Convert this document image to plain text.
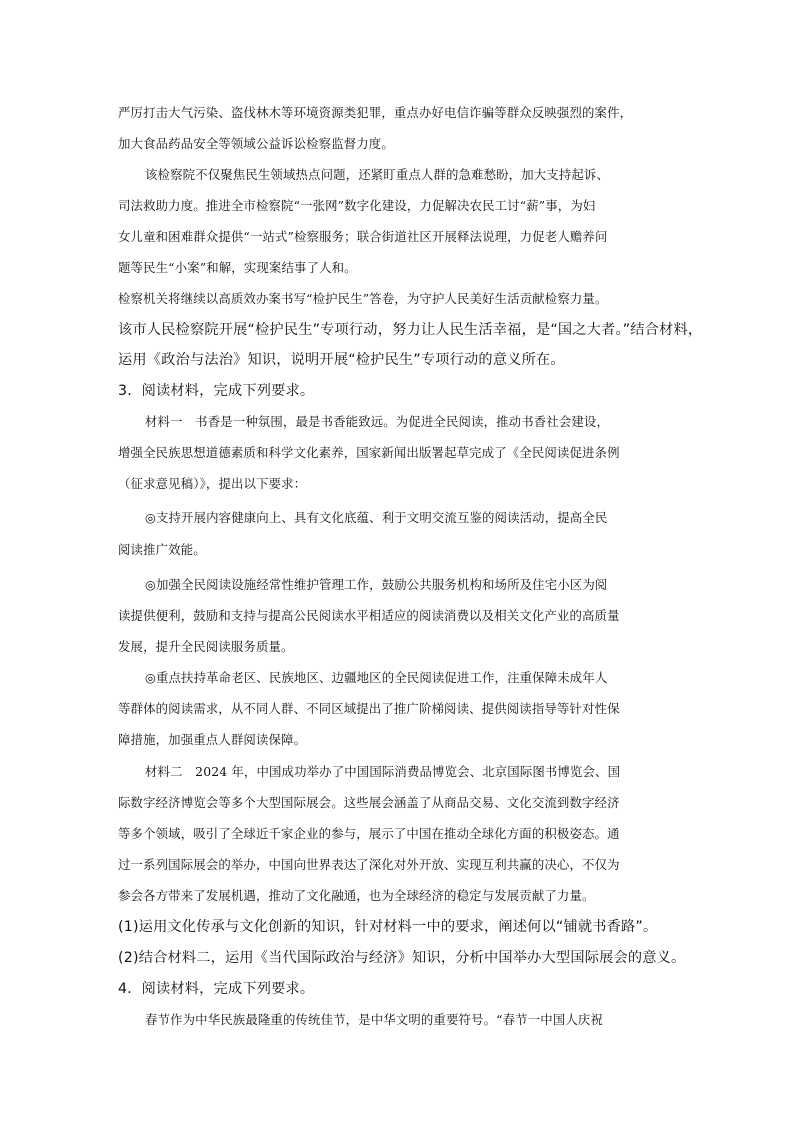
严厉打击大气污染、盗伐林木等环境资源类犯罪，重点办好电信诈骗等群众反映强烈的案件，
加大食品药品安全等领域公益诉讼检察监督力度。
该检察院不仅聚焦民生领域热点问题，还紧盯重点人群的急难愁盼，加大支持起诉、
司法救助力度。推进全市检察院“一张网”数字化建设，力促解决农民工讨“薪”事，为妇
女儿童和困难群众提供“一站式”检察服务；联合街道社区开展释法说理，力促老人赡养问
题等民生“小案”和解，实现案结事了人和。
检察机关将继续以高质效办案书写“检护民生”答卷，为守护人民美好生活贡献检察力量。
该市人民检察院开展“检护民生”专项行动，努力让人民生活幸福，是“国之大者。”结合材料，
运用《政治与法治》知识，说明开展“检护民生”专项行动的意义所在。
3．阅读材料，完成下列要求。
材料一　书香是一种氛围，最是书香能致远。为促进全民阅读，推动书香社会建设，
增强全民族思想道德素质和科学文化素养，国家新闻出版署起草完成了《全民阅读促进条例
（征求意见稿）》，提出以下要求：
◎支持开展内容健康向上、具有文化底蕴、利于文明交流互鉴的阅读活动，提高全民
阅读推广效能。
◎加强全民阅读设施经常性维护管理工作，鼓励公共服务机构和场所及住宅小区为阅
读提供便利，鼓励和支持与提高公民阅读水平相适应的阅读消费以及相关文化产业的高质量
发展，提升全民阅读服务质量。
◎重点扶持革命老区、民族地区、边疆地区的全民阅读促进工作，注重保障未成年人
等群体的阅读需求，从不同人群、不同区域提出了推广阶梯阅读、提供阅读指导等针对性保
障措施，加强重点人群阅读保障。
材料二　2024 年，中国成功举办了中国国际消费品博览会、北京国际图书博览会、国
际数字经济博览会等多个大型国际展会。这些展会涵盖了从商品交易、文化交流到数字经济
等多个领域，吸引了全球近千家企业的参与，展示了中国在推动全球化方面的积极姿态。通
过一系列国际展会的举办，中国向世界表达了深化对外开放、实现互利共赢的决心，不仅为
参会各方带来了发展机遇，推动了文化融通，也为全球经济的稳定与发展贡献了力量。
(1)运用文化传承与文化创新的知识，针对材料一中的要求，阐述何以“铺就书香路”。
(2)结合材料二，运用《当代国际政治与经济》知识，分析中国举办大型国际展会的意义。
4．阅读材料，完成下列要求。
春节作为中华民族最隆重的传统佳节，是中华文明的重要符号。“春节一中国人庆祝
